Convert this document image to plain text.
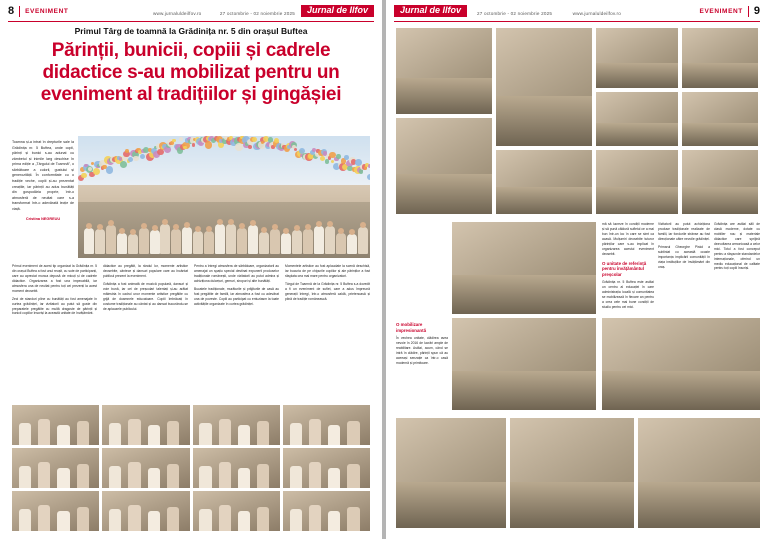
8 EVENIMENT	www.jurnaluldeilfov.ro	27 octombrie - 02 noiembrie 2025	Jurnal de Ilfov
Primul Târg de toamnă la Grădinița nr. 5 din orașul Buftea
Părinții, bunicii, copiii și cadrele
didactice s-au mobilizat pentru un
eveniment al tradițiilor și gingășiei
Toamna și-a intrat în drepturile sale la Grădinița nr. 5 Buftea, unde copii, părinți și bunici s-au adunat cu zâmbetul și inimile larg deschise în prima ediție a „Târgului de Toamnă”, o sărbătoare a culorii, gustului și generozității. În conformitate cu o tradiție veche, copiii și-au prezentat creațiile, iar părinții au adus bunătăți din gospodăria proprie, într-o atmosferă de neuitat care s-a transformat într-o adevărată lecție de viață.
Cristina NEGREUU

Primul eveniment de acest tip organizat la Grădinița nr. 5 din orașul Buftea a fost unul reușit, cu sute de participanți, care au apreciat munca depusă de micuți și de cadrele didactice. Organizarea a fost una impecabilă, iar atmosfera una de neuitat pentru toți cei prezenți la acest moment deosebit.

Zeci de standuri pline cu bunătăți au fost amenajate în curtea grădiniței, iar vizitatorii au putut să guste din preparatele pregătite cu multă dragoste de părinții și bunicii copiilor înscriși la această unitate de învățământ.

didactice au pregătit, la rândul lor, momente artistice deosebite, cântece și dansuri populare care au încântat publicul prezent la eveniment.

Grădinița a fost animată de muzică populară, dansuri și voie bună, iar cei de preșcolari talentați și-au arătat măiestria în cadrul unor momente artistice pregătite cu grijă de doamnele educatoare. Copiii îmbrăcați în costume tradiționale au cântat și au dansat bucurându-se de aplauzele publicului.

Pentru a întregi atmosfera de sărbătoare, organizatorii au amenajat un spațiu special destinat expunerii produselor tradiționale românești, unde vizitatorii au putut admira și achiziționa dulcețuri, gemuri, siropuri și alte bunătăți.

Bucatele tradiționale, murăturile și prăjiturile de casă au fost pregătite de familii, iar atmosfera a fost cu adevărat una de poveste. Copiii au participat cu entuziasm la toate activitățile organizate în curtea grădiniței.

Momentele artistice au fost aplaudate la scenă deschisă, iar bucuria de pe chipurile copiilor și ale părinților a fost răsplata cea mai mare pentru organizatori.

Târgul de Toamnă de la Grădinița nr. 5 Buftea s-a dovedit a fi un eveniment de suflet, care a adus împreună generații întregi, într-o atmosferă caldă, prietenoasă și plină de tradiție românească.

Jurnal de Ilfov	27 octombrie - 02 noiembrie 2025	www.jurnaluldeilfov.ro	EVENIMENT 9

mă să lucreze în condiții moderne și să pună căldură sufletul ce a mai bun într-un loc în care se simt ca acasă. Mulțumiri deosebite tuturor părinților care s-au implicat în organizarea acestui eveniment deosebit.

O unitate de referință pentru învățământul preșcolar

Grădinița nr. 5 Buftea este astăzi un centru al educației în care administrația locală și comunitatea se mobilizează în fiecare an pentru a crea cele mai bune condiții de studiu pentru cei mici.

O mobilizare impresionantă

În vechea unitate, clădirea avea nevoie în 2016 de lucrări ample de reabilitare. Astăzi, acum, când se intră în clădire, părinții spun că au aceeași senzație ca într-o casă modernă și primitoare.

Vizitatorii au putut achiziționa produse tradiționale realizate de familii, iar fondurile strânse au fost direcționate către nevoile grădiniței.

Primarul Gheorghe Pistol a subliniat cu această ocazie importanța implicării comunității în viața instituțiilor de învățământ din oraș.

Grădinița are astăzi săli de clasă moderne, dotate cu mobilier nou și materiale didactice care sprijină dezvoltarea armonioasă a celor mici. Totul a fost conceput pentru a răspunde standardelor internaționale, oferind un mediu educațional de calitate pentru toți copiii înscriși.
